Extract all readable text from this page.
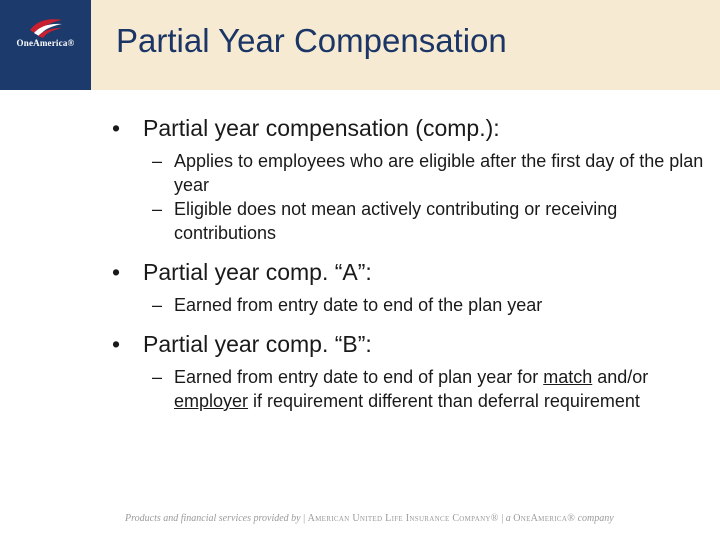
OneAmerica®	Partial Year Compensation
• Partial year compensation (comp.):
– Applies to employees who are eligible after the first day of the plan year
– Eligible does not mean actively contributing or receiving contributions
• Partial year comp. “A”:
– Earned from entry date to end of the plan year
• Partial year comp. “B”:
– Earned from entry date to end of plan year for match and/or employer if requirement different than deferral requirement
Products and financial services provided by | American United Life Insurance Company® | a OneAmerica® company
